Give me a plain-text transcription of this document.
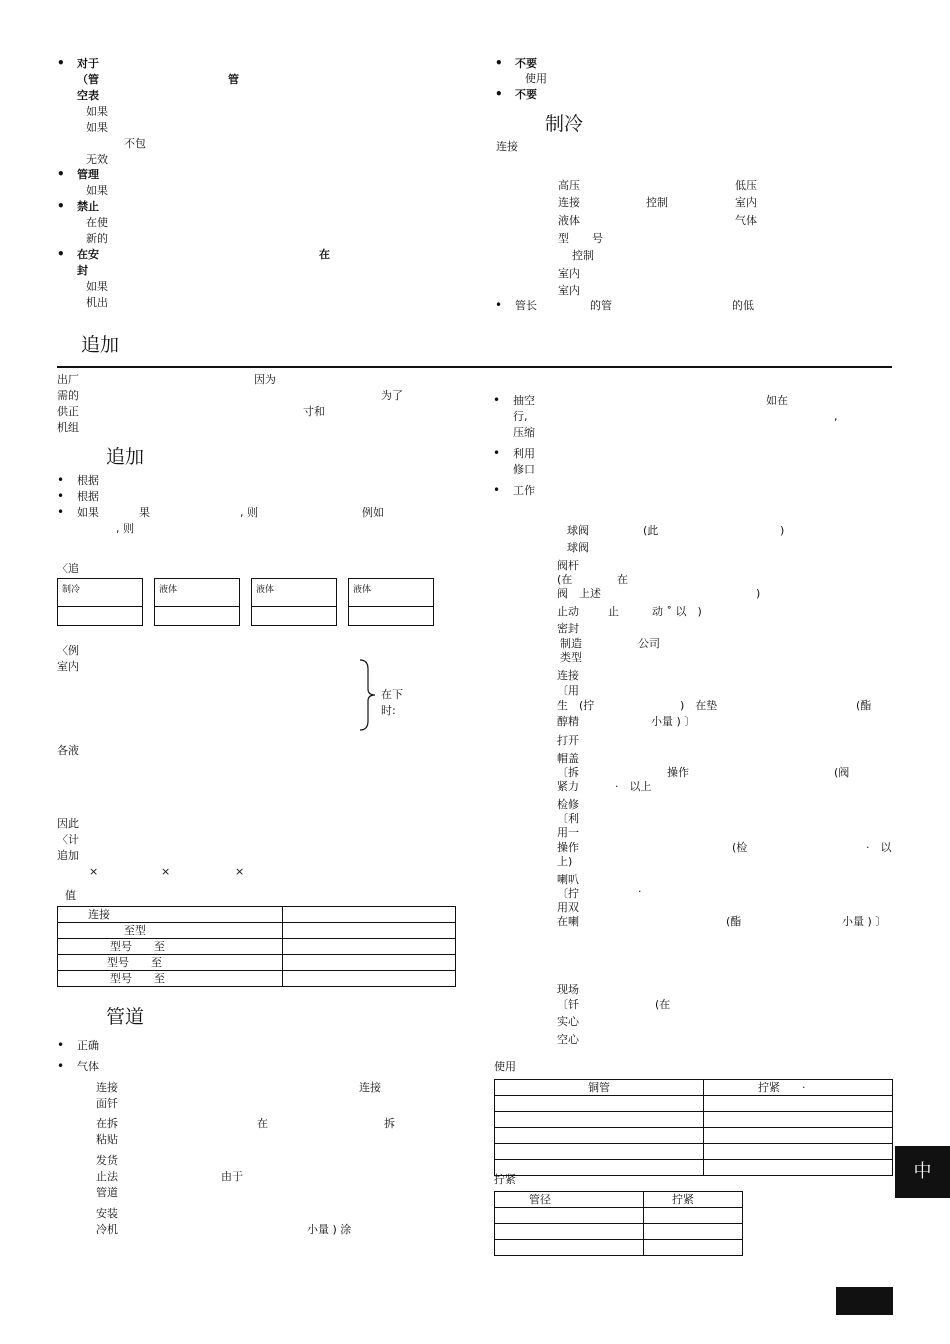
• 对于
（管	管
空表
如果
如果
不包
无效
• 管理
如果
• 禁止
在使
新的
• 在安	在
封
如果
机出
• 不要
使用
• 不要
制冷
连接
高压	低压
连接	控制	室内
液体	气体
型 号
控制
室内
室内
• 管长	的管	的低
追加
出厂	因为
需的	为了
供正	寸和
机组
追加
• 根据
• 根据
• 如果	果	, 则	例如
, 则
〈追
制冷	液体	液体	液体
〈例
室内
在下
时:
各液
因此
〈计
追加
×	×	×
值
连接	
至型	
型号　　至	
型号　　至	
型号　　至	
管道
• 正确
• 气体
连接	连接
面钎
在拆	在	拆
粘贴
发货
止法	由于
管道
安装
冷机	小量 ) 涂
• 抽空	如在
行,	,
压缩
• 利用
修口
• 工作
球阀	(此	)
球阀
阀杆
(在	在
阀　上述	)
止动	止	动 ˚ 以　)
密封
制造	公司
类型
连接
〔用
生　(拧	)　在垫	(酯
醇精	小量 ) 〕
打开
帽盖
〔拆	操作	(阀
紧力	·　以上
检修
〔利
用一
操作	(检	·　以
上)
喇叭
〔拧	·
用双
在喇	(酯	小量 ) 〕
现场
〔钎	(在
实心
空心
使用
铜管	拧紧　　·

拧紧
管径	拧紧

中
